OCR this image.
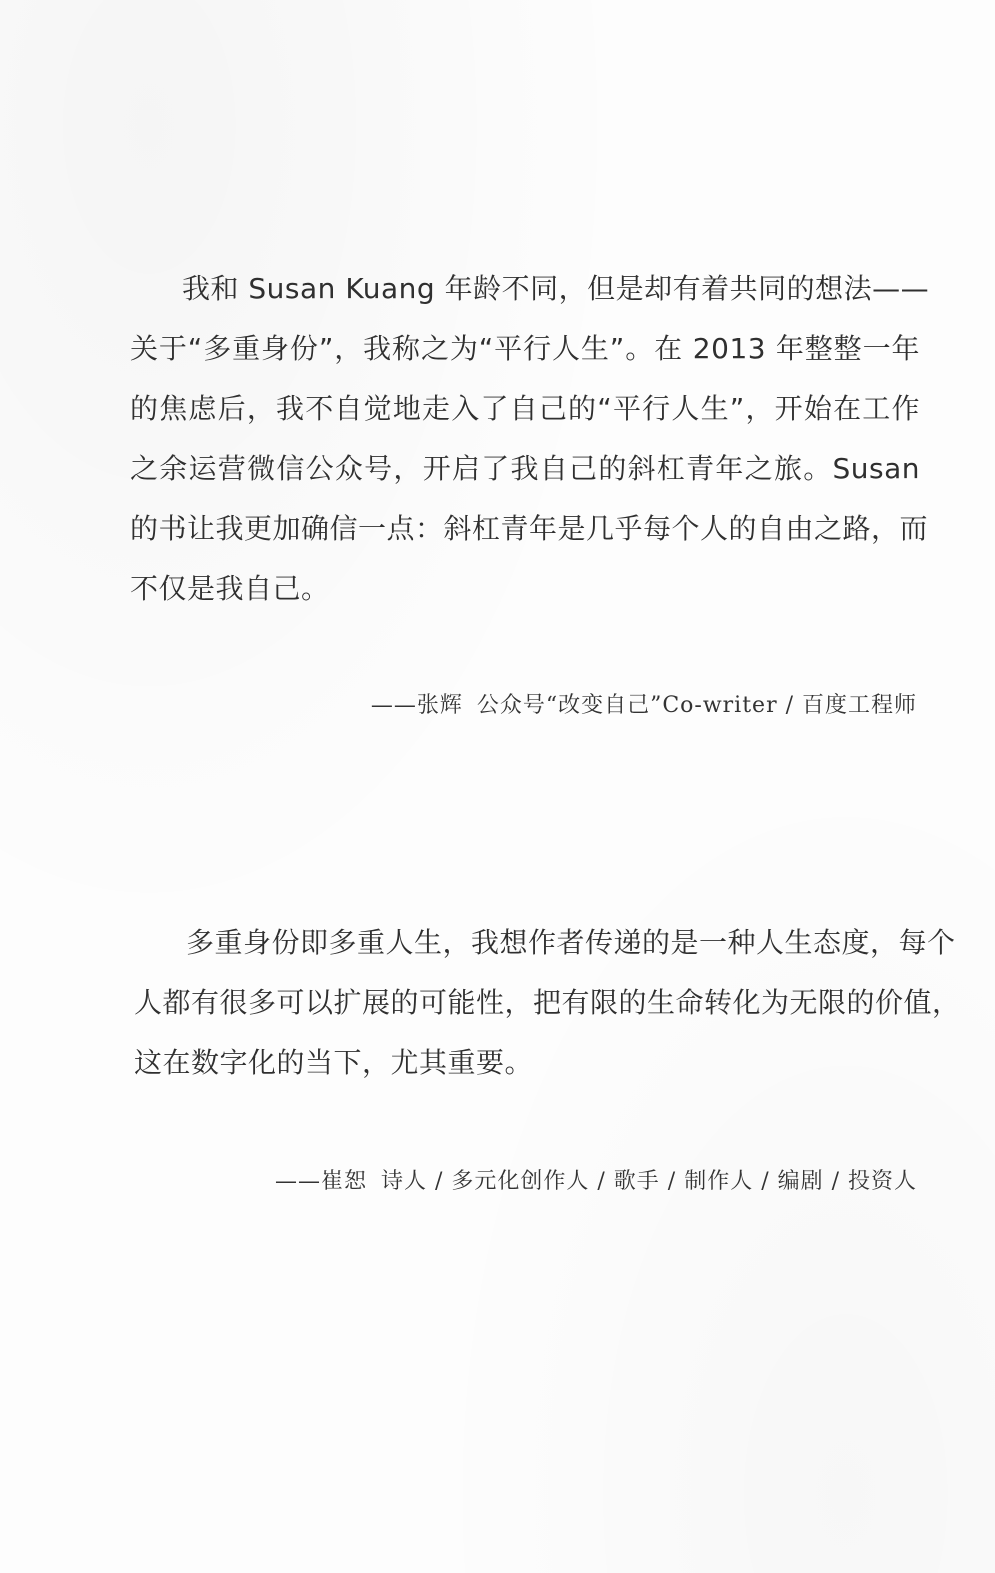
我和 Susan Kuang 年龄不同，但是却有着共同的想法——
关于“多重身份”，我称之为“平行人生”。在 2013 年整整一年
的焦虑后，我不自觉地走入了自己的“平行人生”，开始在工作
之余运营微信公众号，开启了我自己的斜杠青年之旅。Susan
的书让我更加确信一点：斜杠青年是几乎每个人的自由之路，而
不仅是我自己。
——张辉 公众号“改变自己”Co-writer / 百度工程师
多重身份即多重人生，我想作者传递的是一种人生态度，每个
人都有很多可以扩展的可能性，把有限的生命转化为无限的价值，
这在数字化的当下，尤其重要。
——崔恕 诗人 / 多元化创作人 / 歌手 / 制作人 / 编剧 / 投资人
